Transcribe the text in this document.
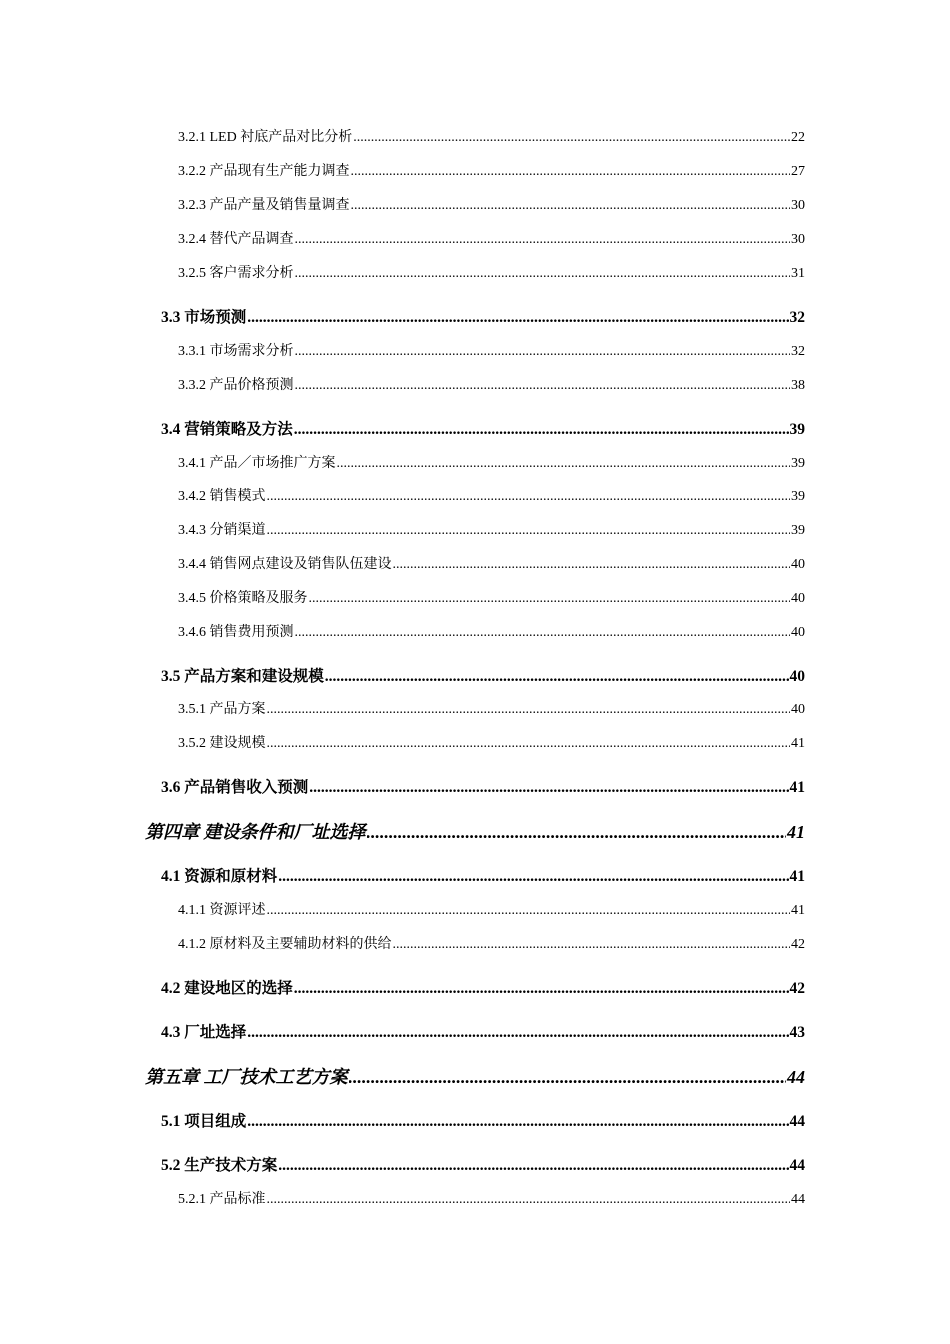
3.2.1 LED 衬底产品对比分析 .....	22
3.2.2 产品现有生产能力调查 .....	27
3.2.3 产品产量及销售量调查 .....	30
3.2.4 替代产品调查 .....	30
3.2.5 客户需求分析 .....	31
3.3 市场预测 .....	32
3.3.1 市场需求分析 .....	32
3.3.2 产品价格预测 .....	38
3.4 营销策略及方法 .....	39
3.4.1 产品／市场推广方案 .....	39
3.4.2 销售模式 .....	39
3.4.3 分销渠道 .....	39
3.4.4 销售网点建设及销售队伍建设 .....	40
3.4.5 价格策略及服务 .....	40
3.4.6 销售费用预测 .....	40
3.5 产品方案和建设规模 .....	40
3.5.1 产品方案 .....	40
3.5.2 建设规模 .....	41
3.6 产品销售收入预测 .....	41
第四章 建设条件和厂址选择 .....	41
4.1 资源和原材料 .....	41
4.1.1 资源评述 .....	41
4.1.2 原材料及主要辅助材料的供给 .....	42
4.2 建设地区的选择 .....	42
4.3 厂址选择 .....	43
第五章 工厂技术工艺方案 .....	44
5.1 项目组成 .....	44
5.2 生产技术方案 .....	44
5.2.1 产品标准 .....	44
